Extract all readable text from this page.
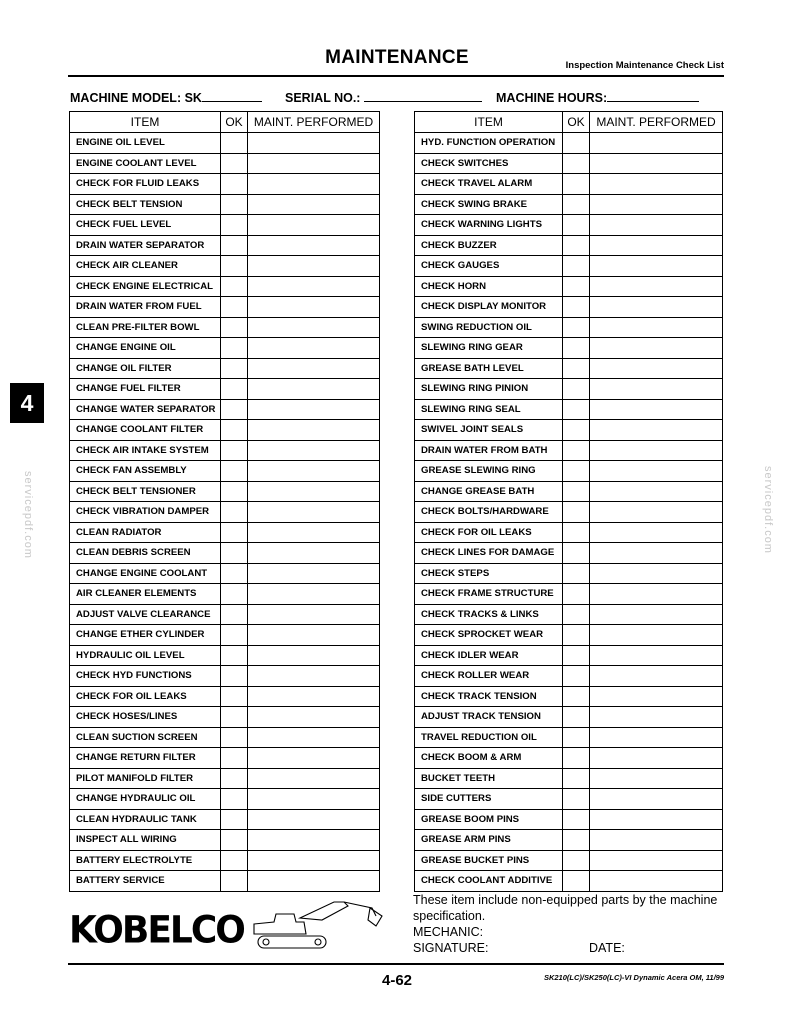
MAINTENANCE	Inspection Maintenance Check List
MACHINE MODEL: SK	SERIAL NO.:	MACHINE HOURS:
ITEM	OK	MAINT. PERFORMED
ENGINE OIL LEVEL		
ENGINE COOLANT LEVEL		
CHECK FOR FLUID LEAKS		
CHECK BELT TENSION		
CHECK FUEL LEVEL		
DRAIN WATER SEPARATOR		
CHECK AIR CLEANER		
CHECK ENGINE ELECTRICAL		
DRAIN WATER FROM FUEL		
CLEAN PRE-FILTER BOWL		
CHANGE ENGINE OIL		
CHANGE OIL FILTER		
CHANGE FUEL FILTER		
CHANGE WATER SEPARATOR		
CHANGE COOLANT FILTER		
CHECK AIR INTAKE SYSTEM		
CHECK FAN ASSEMBLY		
CHECK BELT TENSIONER		
CHECK VIBRATION DAMPER		
CLEAN RADIATOR		
CLEAN DEBRIS SCREEN		
CHANGE ENGINE COOLANT		
AIR CLEANER ELEMENTS		
ADJUST VALVE CLEARANCE		
CHANGE ETHER CYLINDER		
HYDRAULIC OIL LEVEL		
CHECK HYD FUNCTIONS		
CHECK FOR OIL LEAKS		
CHECK HOSES/LINES		
CLEAN SUCTION SCREEN		
CHANGE RETURN FILTER		
PILOT MANIFOLD FILTER		
CHANGE HYDRAULIC OIL		
CLEAN HYDRAULIC TANK		
INSPECT ALL WIRING		
BATTERY ELECTROLYTE		
BATTERY SERVICE		
ITEM	OK	MAINT. PERFORMED
HYD. FUNCTION OPERATION		
CHECK SWITCHES		
CHECK TRAVEL ALARM		
CHECK SWING BRAKE		
CHECK WARNING LIGHTS		
CHECK BUZZER		
CHECK GAUGES		
CHECK HORN		
CHECK DISPLAY MONITOR		
SWING REDUCTION OIL		
SLEWING RING GEAR		
GREASE BATH LEVEL		
SLEWING RING PINION		
SLEWING RING SEAL		
SWIVEL JOINT SEALS		
DRAIN WATER FROM BATH		
GREASE SLEWING RING		
CHANGE GREASE BATH		
CHECK BOLTS/HARDWARE		
CHECK FOR OIL LEAKS		
CHECK LINES FOR DAMAGE		
CHECK STEPS		
CHECK FRAME STRUCTURE		
CHECK TRACKS & LINKS		
CHECK SPROCKET WEAR		
CHECK IDLER WEAR		
CHECK ROLLER WEAR		
CHECK TRACK TENSION		
ADJUST TRACK TENSION		
TRAVEL REDUCTION OIL		
CHECK BOOM & ARM		
BUCKET TEETH		
SIDE CUTTERS		
GREASE BOOM PINS		
GREASE ARM PINS		
GREASE BUCKET PINS		
CHECK COOLANT ADDITIVE		
4
servicepdf.com	servicepdf.com
These item include non-equipped parts by the machine specification.
MECHANIC:
SIGNATURE:	DATE:
KOBELCO
4-62	SK210(LC)/SK250(LC)-VI Dynamic Acera OM, 11/99
